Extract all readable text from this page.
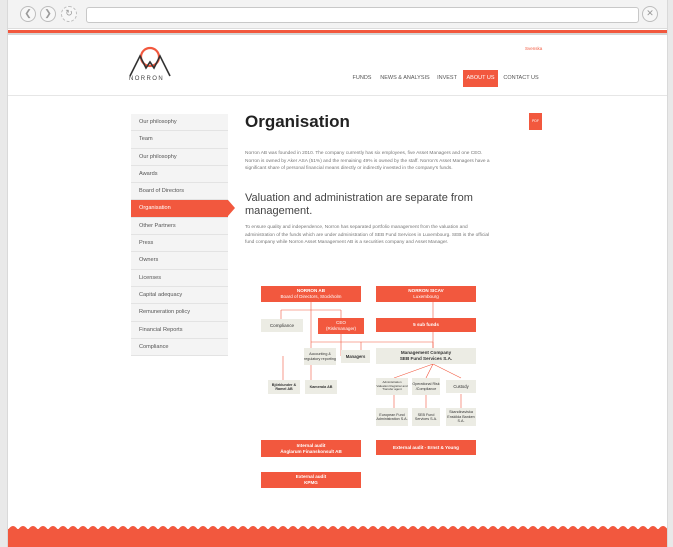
❮	❯	↻	✕
NORRON
Svenska
FUNDS	NEWS & ANALYSIS	INVEST	ABOUT US	CONTACT US
Our philosophy
Team
Our philosophy
Awards
Board of Directors
Organisation
Other Partners
Press
Owners
Licenses
Capital adequacy
Remuneration policy
Financial Reports
Compliance
Organisation	PDF
Norron AB was founded in 2010. The company currently has six employees, five Asset Managers and one CEO. Norron is owned by Aker ASA (51%) and the remaining 49% is owned by the staff. Norron's Asset Managers have a significant share of personal financial means directly or indirectly invested in the company's funds.
Valuation and administration are separate from management.
To ensure quality and independence, Norron has separated portfolio management from the valuation and administration of the funds which are under administration of SEB Fund Services in Luxembourg. SEB is the official fund company while Norron Asset Management AB is a securities company and Asset Manager.
NORRON AB
Board of Directors, Stockholm
NORRON SICAV
Luxembourg
Compliance	CEO
(Riskmanager)
5 sub funds
Accounting & regulatory reporting	Managers
Management Company
SEB Fund Services S.A.
Administration Valuation Registrar and Transfer agent
Operational Risk /Compliance	Custody
Björklunder & Ramel AB
Kamerala AB
European Fund Administration S.A.
SEB Fund Services S.A.
Skandinaviska Enskilda Banken S.A.
Internal audit
Änglarum Finanskonsult AB
External audit - Ernst & Young
External audit
KPMG
